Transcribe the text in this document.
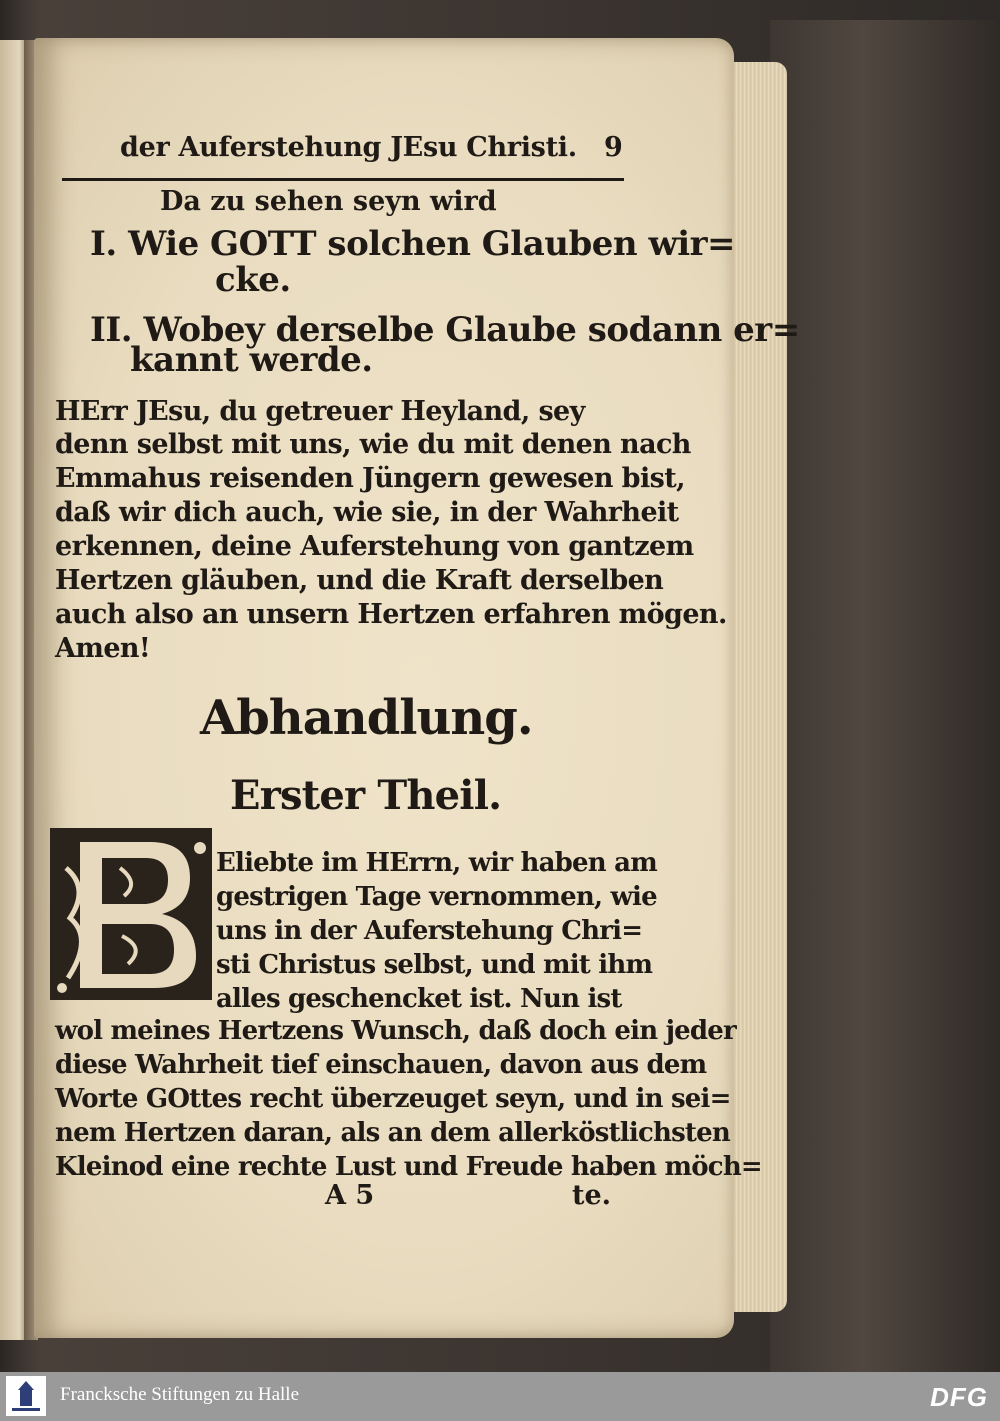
der Auferstehung JEsu Christi. 9
Da zu sehen seyn wird
I. Wie GOTT solchen Glauben wir=
cke.
II. Wobey derselbe Glaube sodann er=
kannt werde.
HErr JEsu, du getreuer Heyland, sey
denn selbst mit uns, wie du mit denen nach
Emmahus reisenden Jüngern gewesen bist,
daß wir dich auch, wie sie, in der Wahrheit
erkennen, deine Auferstehung von gantzem
Hertzen gläuben, und die Kraft derselben
auch also an unsern Hertzen erfahren mögen.
Amen!
Abhandlung.
Erster Theil.
Eliebte im HErrn, wir haben am
gestrigen Tage vernommen, wie
uns in der Auferstehung Chri=
sti Christus selbst, und mit ihm
alles geschencket ist. Nun ist
wol meines Hertzens Wunsch, daß doch ein jeder
diese Wahrheit tief einschauen, davon aus dem
Worte GOttes recht überzeuget seyn, und in sei=
nem Hertzen daran, als an dem allerköstlichsten
Kleinod eine rechte Lust und Freude haben möch=
A 5	te.
Francksche Stiftungen zu Halle	DFG
